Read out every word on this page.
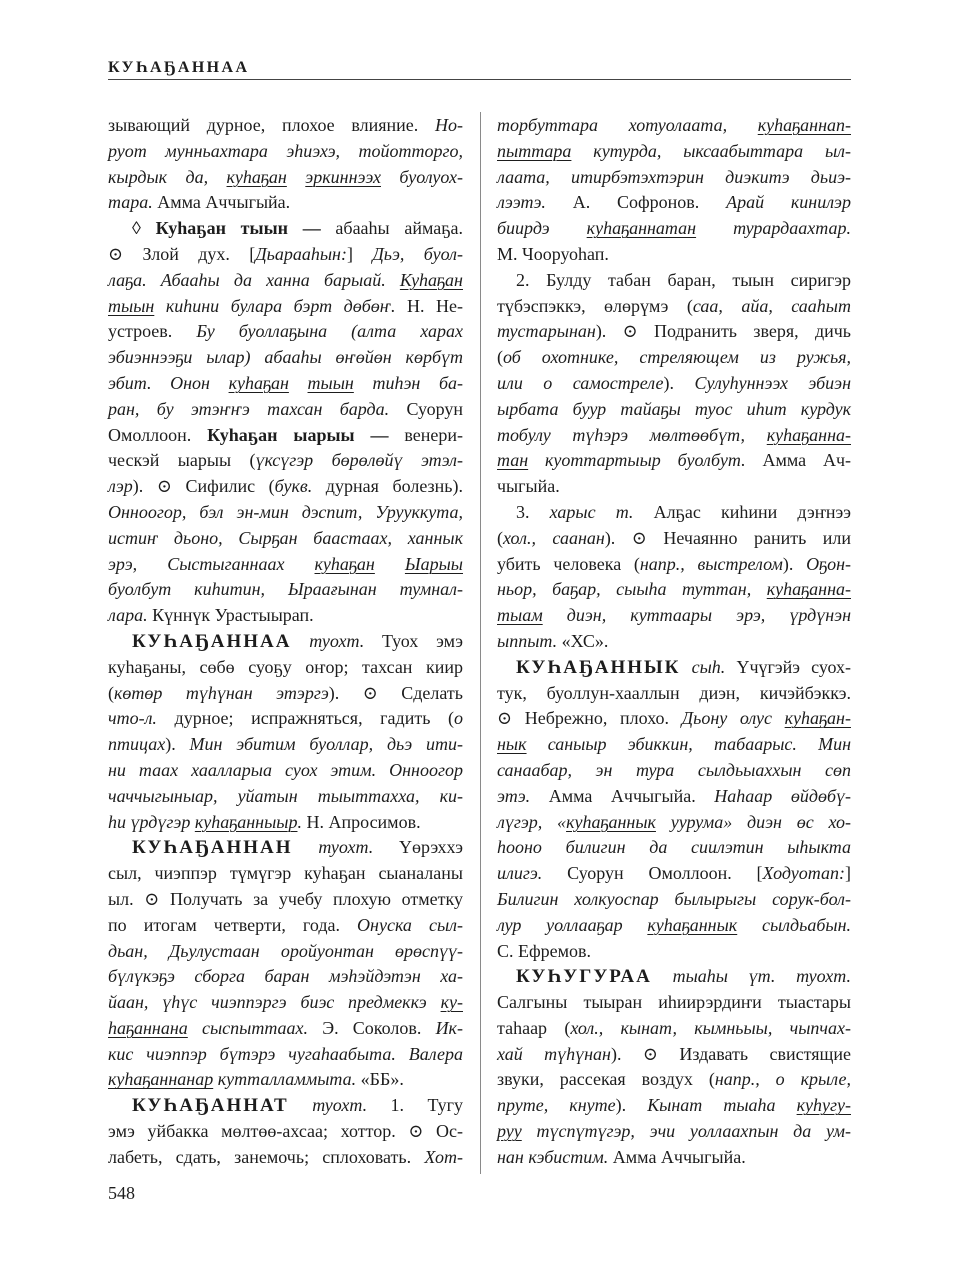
КУҺАҔАННАА
зывающий дурное, плохое влияние. Но-
руот мунньахтара эһиэхэ, тойотторго,
кырдык да, куһаҕан эркиннээх буолуох-
тара. Амма Аччыгыйа.
◊ Куһаҕан тыын — абааһы аймаҕа.
⊙ Злой дух. [Дьарааһын:] Дьэ, буол-
лаҕа. Абааһы да ханна барыай. Куһаҕан
тыын киһини булара бэрт дөбөҥ. Н. Не-
устроев. Бу буоллаҕына (алта харах
эбиэннээҕи ылар) абааһы өҥөйөн көрбүт
эбит. Онон куһаҕан тыын тиһэн ба-
ран, бу этэҥҥэ тахсан барда. Суорун
Омоллоон. Куһаҕан ыарыы — венери-
ческэй ыарыы (үксүгэр бөрөлөйү этэл-
лэр). ⊙ Сифилис (букв. дурная болезнь).
Онноогор, бэл эн-мин дэспит, Урууккута,
истиҥ дьоно, Сырҕан баастаах, ханнык
эрэ, Сыстыганнаах куһаҕан Ыарыы
буолбут киһитин, Ыраағынан тумнал-
лара. Күннүк Урастыырап.
КУҺАҔАННАА туохт. Туох эмэ
куһаҕаны, сөбө суоҕу оҥор; тахсан киир
(көтөр түһүнан этэргэ). ⊙ Сделать
что-л. дурное; испражняться, гадить (о
птицах). Мин эбитим буоллар, дьэ ити-
ни таах хаалларыа суох этим. Онноогор
чаччыгыныар, уйатын тыыттахха, ки-
һи үрдүгэр куһаҕанныыр. Н. Апросимов.
КУҺАҔАННАН туохт. Үөрэххэ
сыл, чиэппэр түмүгэр куһаҕан сыаналаны
ыл. ⊙ Получать за учебу плохую отметку
по итогам четверти, года. Онуска сыл-
дьан, Дьулустаан оройуонтан өрөспүү-
бүлүкэҕэ сборга баран мэһэйдэтэн ха-
йаан, үһүс чиэппэргэ биэс предмеккэ ку-
һаҕаннана сыспыттаах. Э. Соколов. Ик-
кис чиэппэр бүтэрэ чугаһаабыта. Валера
куһаҕаннанар кутталламмыта. «ББ».
КУҺАҔАННАТ туохт. 1. Тугу
эмэ уйбакка мөлтөө-ахсаа; хоттор. ⊙ Ос-
лабеть, сдать, занемочь; сплоховать. Хот-
торбуттара хотуолаата, куһаҕаннап-
пыттара кутурда, ыксаабыттара ыл-
лаата, итирбэтэхтэрин диэкитэ дьиэ-
лээтэ. А. Софронов. Арай кинилэр
биирдэ куһаҕаннатан турардаахтар.
М. Чооруоһап.
2. Булду табан баран, тыын сиригэр
түбэспэккэ, өлөрүмэ (саа, айа, сааһыт
тустарынан). ⊙ Подранить зверя, дичь
(об охотнике, стреляющем из ружья,
или о самостреле). Сулуһуннээх эбиэн
ырбата буур тайаҕы туос иһит курдук
тобулу түһэрэ мөлтөөбүт, куһаҕанна-
тан куоттартыыр буолбут. Амма Ач-
чыгыйа.
3. харыс т. Алҕас киһини дэҥнээ
(хол., саанан). ⊙ Нечаянно ранить или
убить человека (напр., выстрелом). Оҕон-
ньор, баҕар, сыыһа туттан, куһаҕанна-
тыам диэн, куттаары эрэ, үрдүнэн
ыппыт. «ХС».
КУҺАҔАННЫК сыһ. Үчүгэйэ суох-
тук, буоллун-хааллын диэн, кичэйбэккэ.
⊙ Небрежно, плохо. Дьону олус куһаҕан-
нык саныыр эбиккин, табаарыс. Мин
санаабар, эн тура сылдьыаххын сөп
этэ. Амма Аччыгыйа. Наһаар өйдөбү-
лүгэр, «куһаҕаннык уурума» диэн өс хо-
һооно билигин да сиилэтин ыһыкта
илигэ. Суорун Омоллоон. [Ходуотап:]
Билигин холкуоспар былырыгы сорук-бол-
лур уоллааҕар куһаҕаннык сылдьабын.
С. Ефремов.
КУҺУГУРАА тыаһы үт. туохт.
Салгыны тыыран иһиирэрдиҥи тыастары
таһаар (хол., кынат, кымньыы, чыпчах-
хай түһүнан). ⊙ Издавать свистящие
звуки, рассекая воздух (напр., о крыле,
пруте, кнуте). Кынат тыаһа куһугу-
руу түспүтүгэр, эчи уоллаахпын да ум-
нан кэбистим. Амма Аччыгыйа.
548
